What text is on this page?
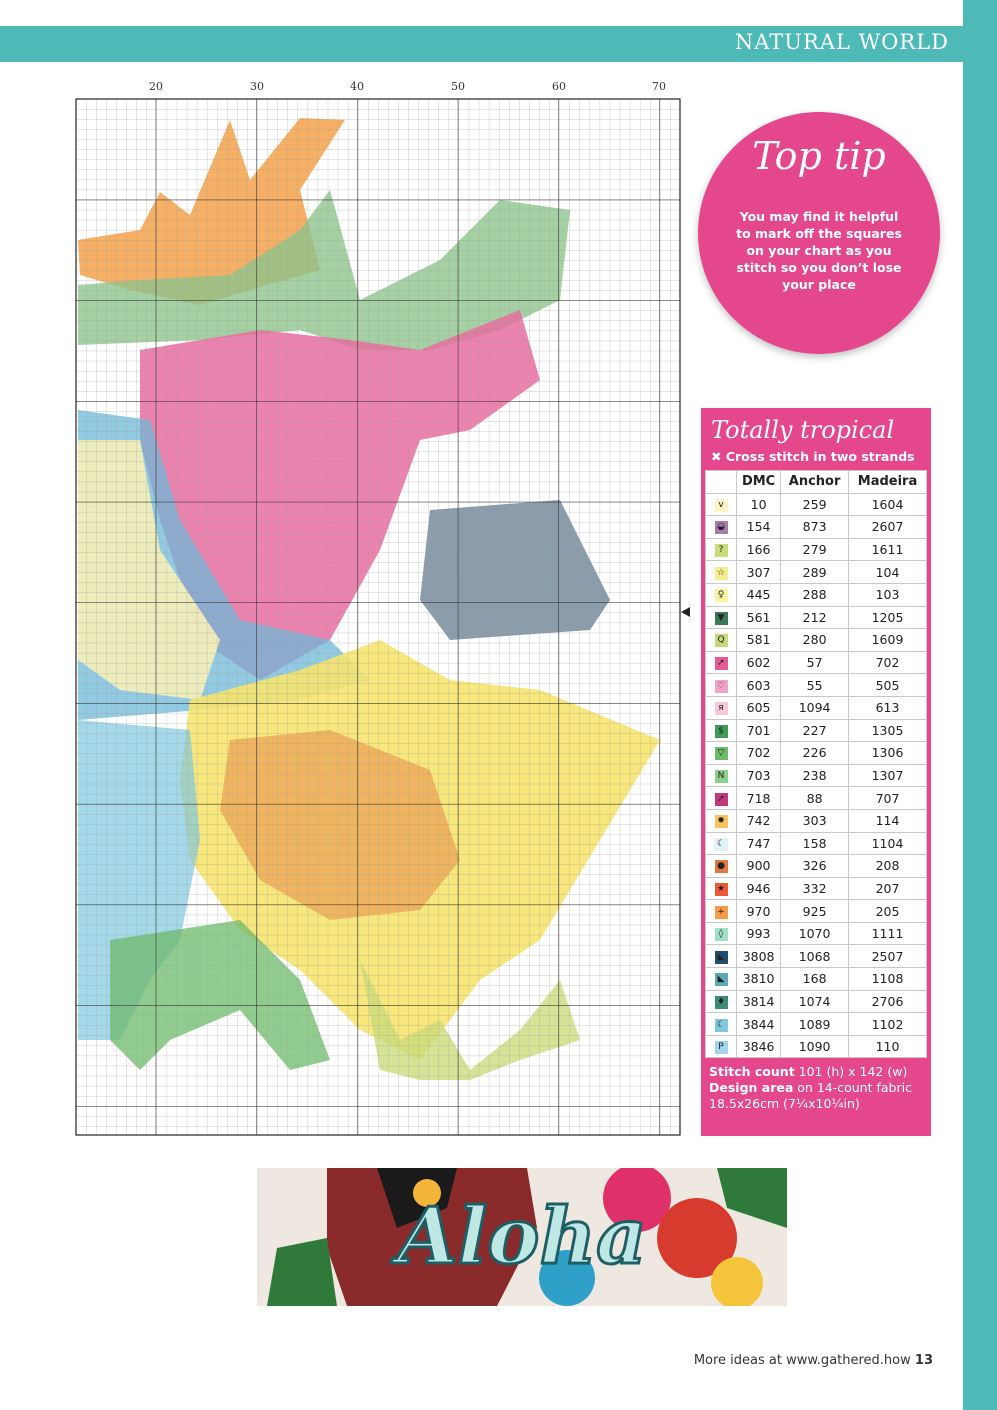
NATURAL WORLD
20	30	40	50	60	70
Top tip
You may find it helpful to mark off the squares on your chart as you stitch so you don’t lose your place
Totally tropical
✖ Cross stitch in two strands
	DMC	Anchor	Madeira
v	10	259	1604
◒	154	873	2607
?	166	279	1611
☆	307	289	104
♀	445	288	103
▼	561	212	1205
Q	581	280	1609
➚	602	57	702
♡	603	55	505
я	605	1094	613
$	701	227	1305
▽	702	226	1306
N	703	238	1307
➚	718	88	707
✹	742	303	114
☾	747	158	1104
●	900	326	208
★	946	332	207
+	970	925	205
◊	993	1070	1111
◣	3808	1068	2507
◣	3810	168	1108
♦	3814	1074	2706
☾	3844	1089	1102
P	3846	1090	110
Stitch count 101 (h) x 142 (w)
Design area on 14-count fabric 18.5x26cm (7¼x10¼in)
Aloha
More ideas at www.gathered.how 13
